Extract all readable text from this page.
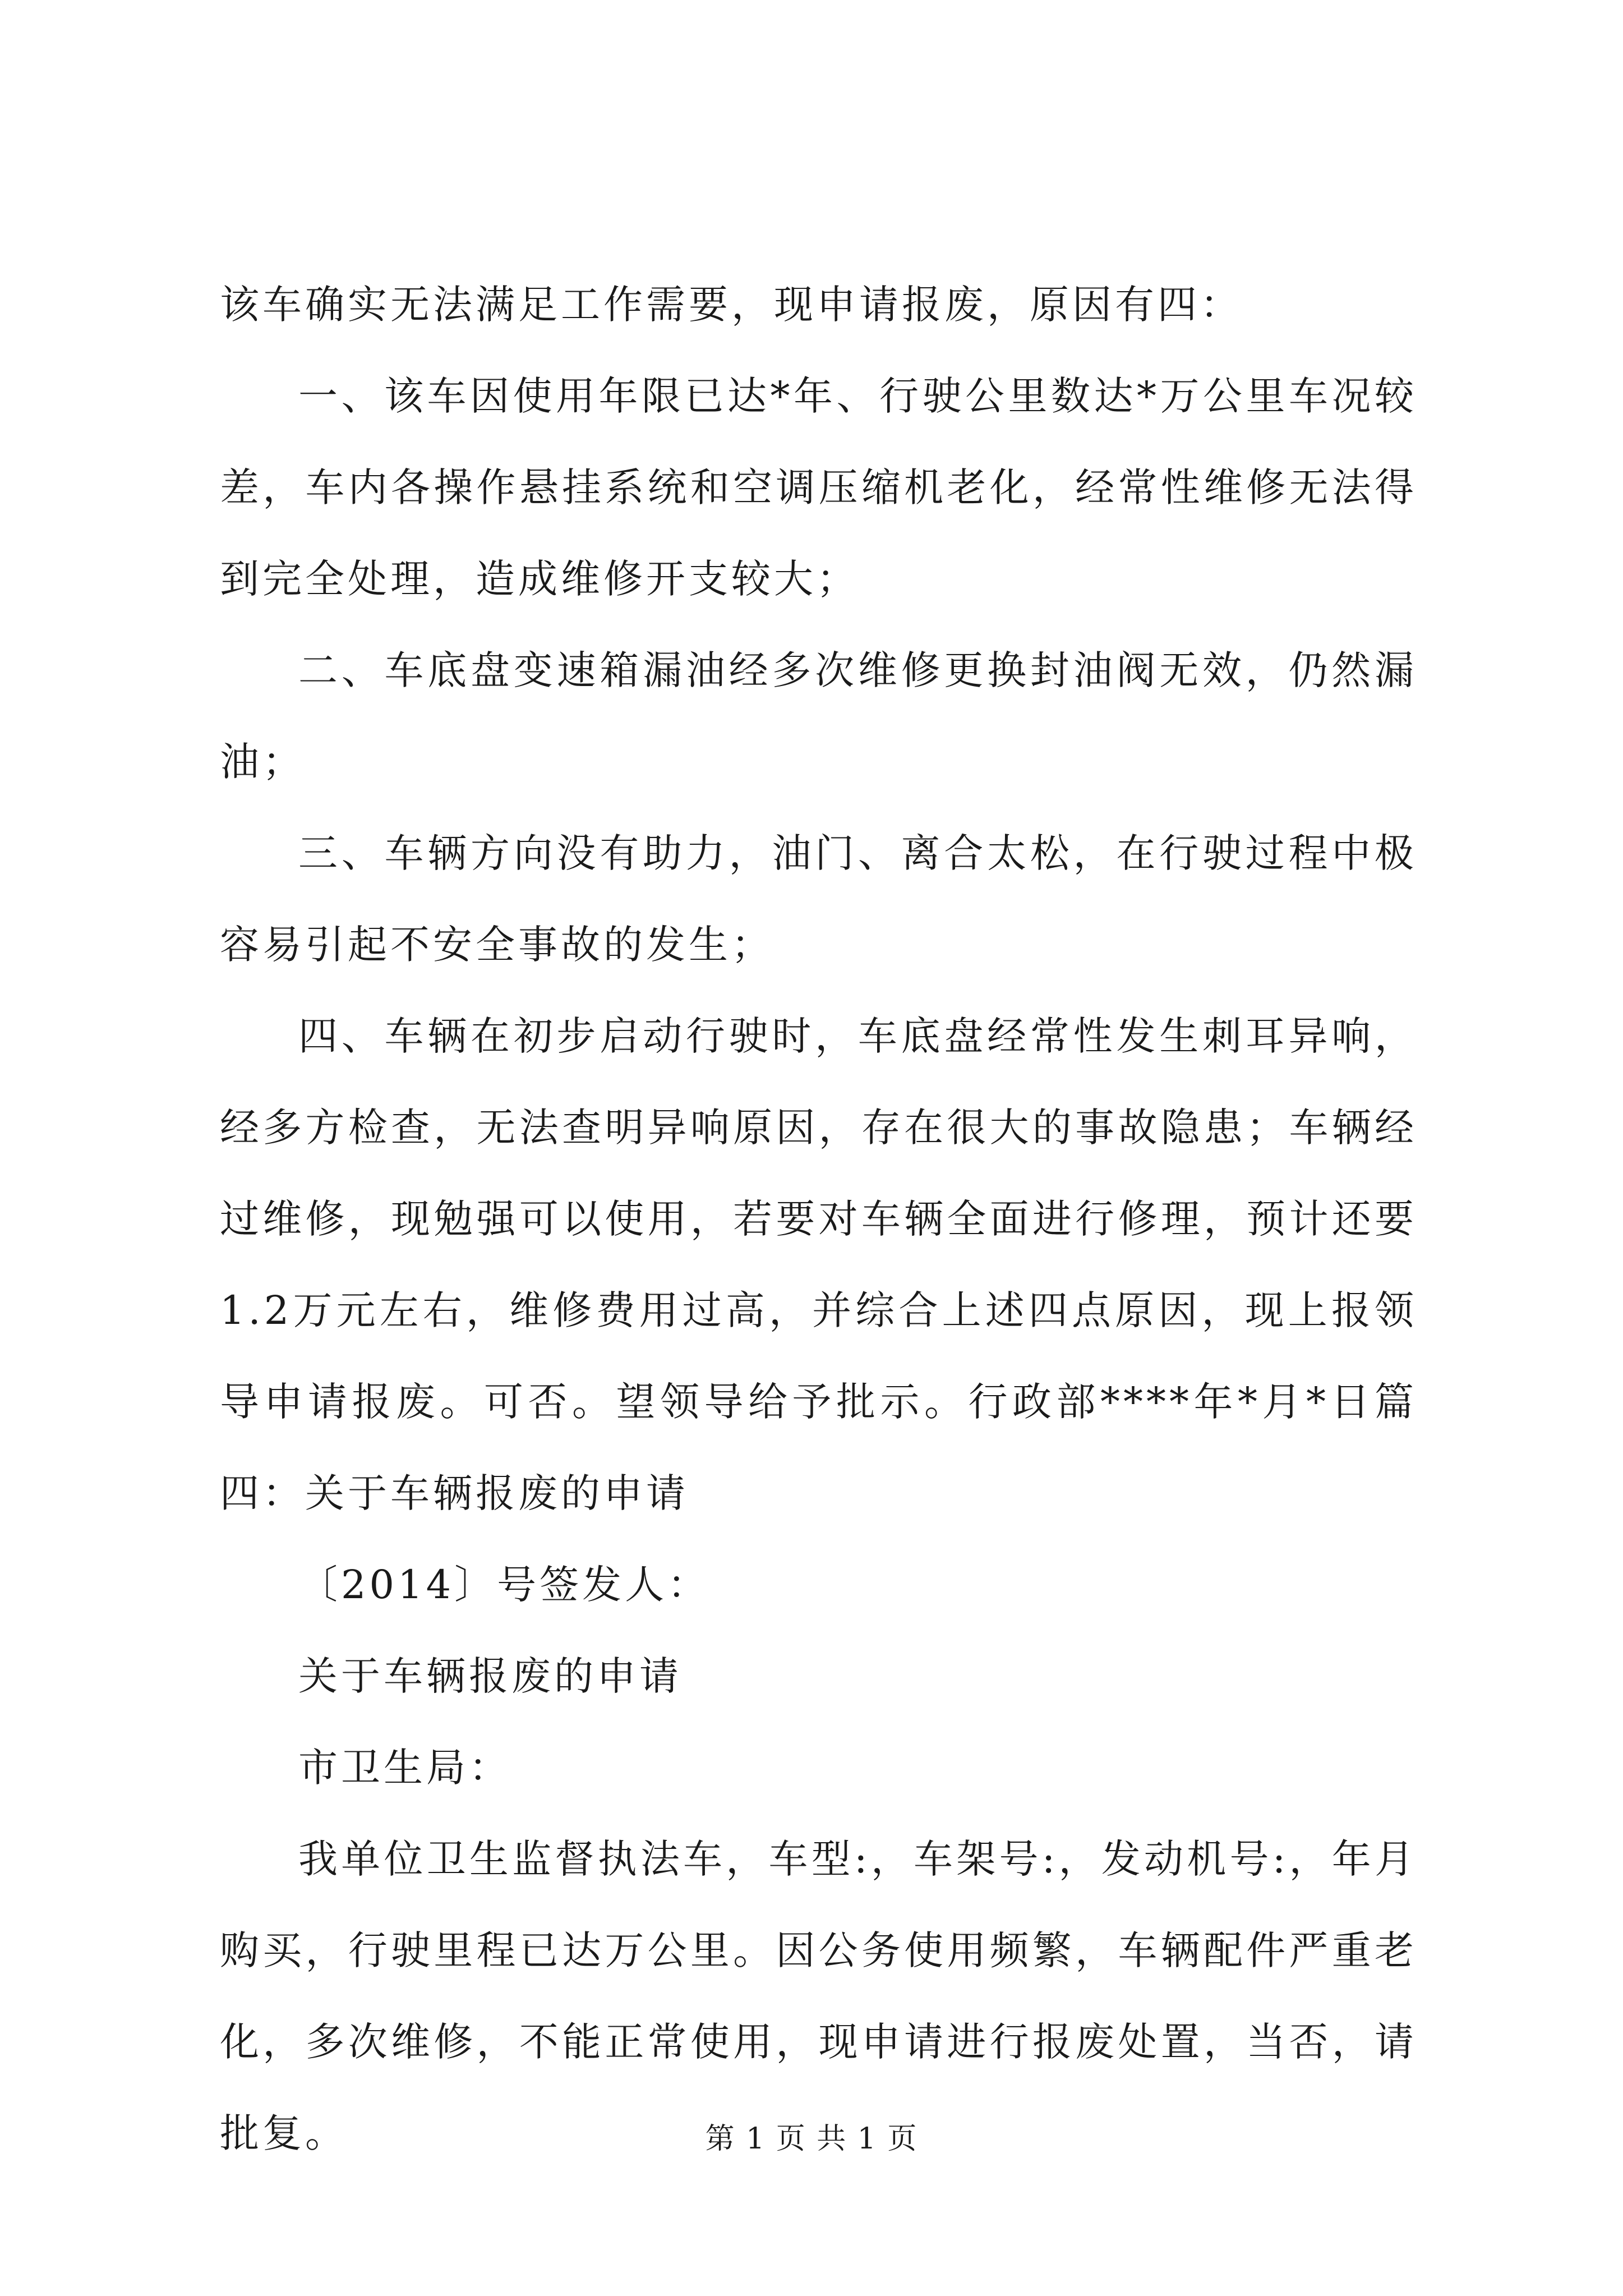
该车确实无法满足工作需要，现申请报废，原因有四：

一、该车因使用年限已达*年、行驶公里数达*万公里车况较差，车内各操作悬挂系统和空调压缩机老化，经常性维修无法得到完全处理，造成维修开支较大；

二、车底盘变速箱漏油经多次维修更换封油阀无效，仍然漏油；

三、车辆方向没有助力，油门、离合太松，在行驶过程中极容易引起不安全事故的发生；

四、车辆在初步启动行驶时，车底盘经常性发生刺耳异响，经多方检查，无法查明异响原因，存在很大的事故隐患；车辆经过维修，现勉强可以使用，若要对车辆全面进行修理，预计还要1.2万元左右，维修费用过高，并综合上述四点原因，现上报领导申请报废。可否。望领导给予批示。行政部****年*月*日篇四：关于车辆报废的申请

〔2014〕号签发人：

关于车辆报废的申请

市卫生局：

我单位卫生监督执法车，车型:，车架号:，发动机号:，年月购买，行驶里程已达万公里。因公务使用频繁，车辆配件严重老化，多次维修，不能正常使用，现申请进行报废处置，当否，请批复。	第 1 页 共 1 页
